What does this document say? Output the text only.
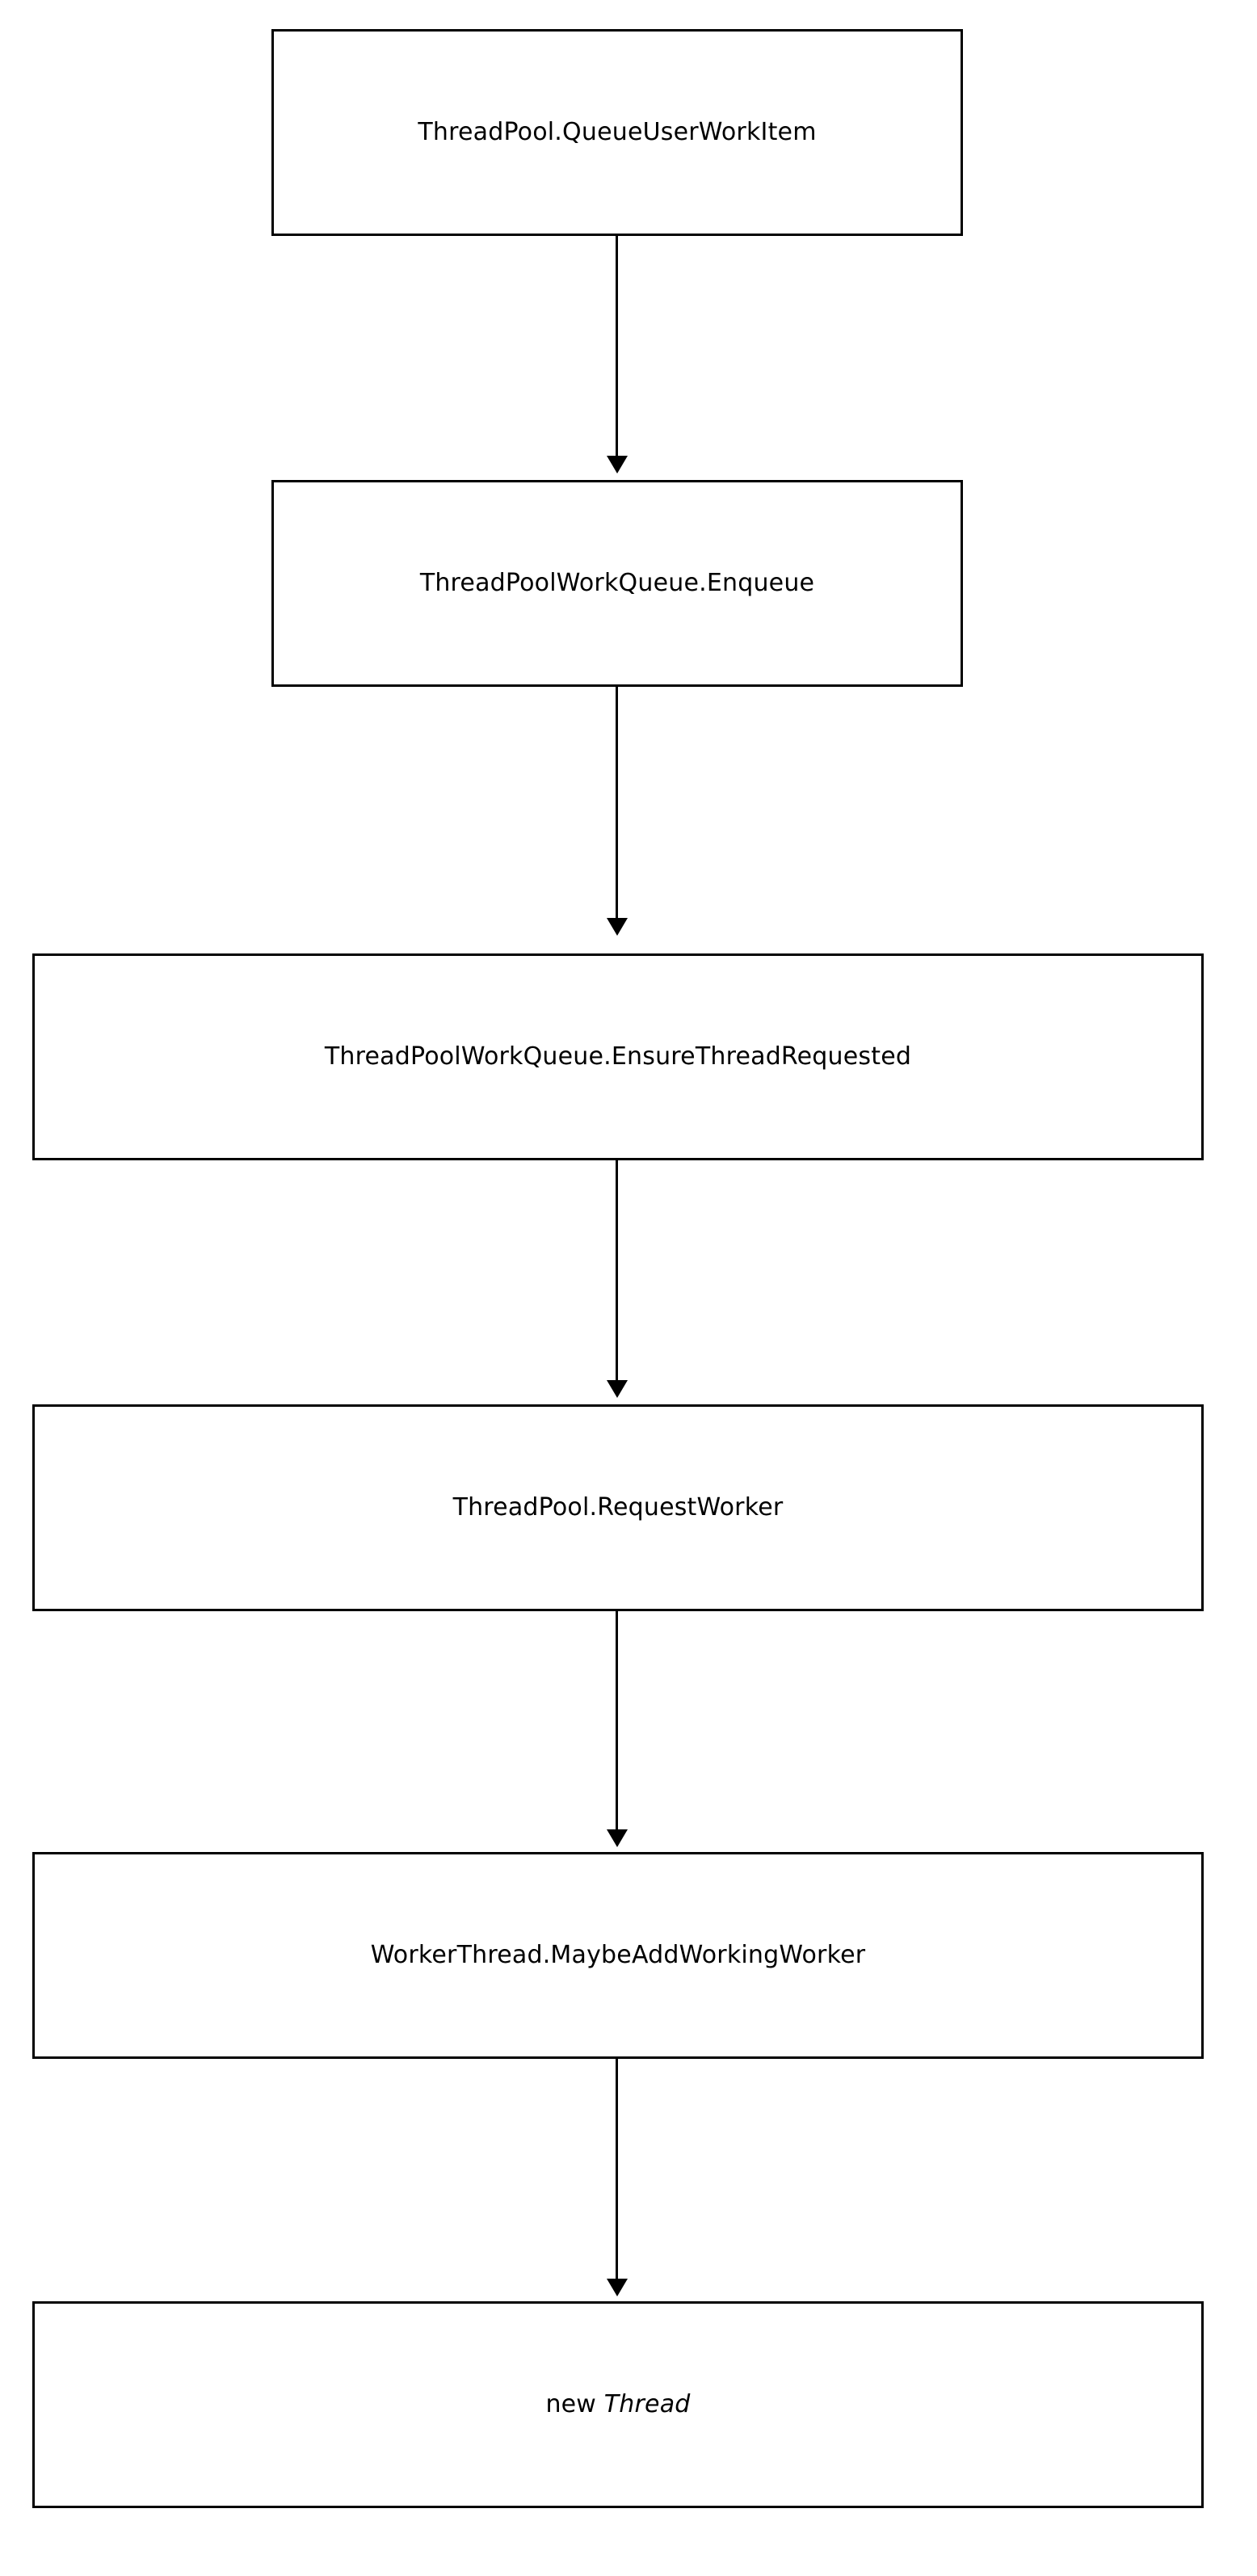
ThreadPool.QueueUserWorkItem
ThreadPoolWorkQueue.Enqueue
ThreadPoolWorkQueue.EnsureThreadRequested
ThreadPool.RequestWorker
WorkerThread.MaybeAddWorkingWorker
new Thread
